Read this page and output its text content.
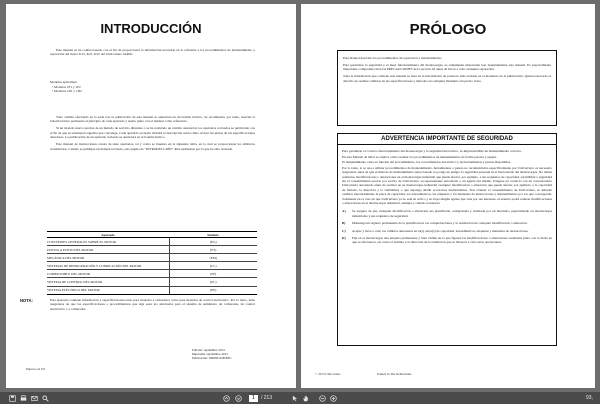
INTRODUCCIÓN

Este manual se ha confeccionado con el fin de proporcionar la información necesaria en lo referente a los procedimientos de mantenimiento y reparación del motor K15, K21, K25 del UniCarriers forklift.

Modelos aplicables:
• Modelos 1F1 y 1F2
• Modelos 1D1 y 1D2

Todo cambio efectuado en la serie tras la publicación de este manual se anunciará en un boletín técnico. Se recomienda, por tanto, insertar el boletín técnico pertinente al principio de cada apartado y usarlo junto con el manual como referencia.

Si un modelo nuevo precisa de un método de servicio diferente o se ha realizado un cambio sustancial, los apartados revisados se publicarán con el fin de que se sustituyan aquellos que convenga. Cada apartado revisado incluirá la descripción sobre cómo revisar las piezas de las especificaciones anteriores. La publicación de un apartado revisado se anunciará en el boletín técnico.

Este manual de instrucciones consta de siete apartados, tal y como se muestra en la siguiente tabla, en la cual se proporcionan los símbolos actualizados. Cuando se publique un manual revisado, esta página de "INTRODUCCIÓN" debe sustituirse por la que ha sido revisada.

Apartado	Símbolo
CUESTIONES GENERALES SOBRE EL MOTOR	(EG)
PUESTA A PUNTO DEL MOTOR	(ET)
MECÁNICA DEL MOTOR	(EM)
SISTEMAS DE REFRIGERACIÓN Y LUBRICACIÓN DEL MOTOR	(LC)
COMBUSTIBLE DEL MOTOR	(EF)
SISTEMA DE CONTROL DEL MOTOR	(EC)
SISTEMA ELÉCTRICO DEL MOTOR	(EE)
NOTA:	Este apartado contiene información y especificaciones tanto para modelos a carburador como para modelos de control electrónico. Por lo tanto, debe asegurarse de que las especificaciones o procedimientos que siga sean los adecuados para el sistema de suministro de carburante, de control electrónico o a carburador.

Edición: septiembre 2013
Impresión: septiembre 2013
Publicación: SM09E-K0NE0U
Impreso en UE
PRÓLOGO

Este manual describe los procedimientos de reparación y mantenimiento.

Para garantizar la seguridad y el buen funcionamiento del montacargas, es sumamente importante leer detenidamente este manual. Es especialmente importante comprender bien las PRECAUCIONES de la sección GI antes de llevar a cabo cualquier reparación.

Toda la información que contiene este manual se basa en la información de producto más reciente en el momento de la publicación. Queda reservado el derecho de realizar cambios en las especificaciones y métodos en cualquier momento sin previo aviso.

ADVERTENCIA IMPORTANTE DE SEGURIDAD

Para garantizar el correcto funcionamiento del montacargas y la seguridad del técnico, es imprescindible un mantenimiento correcto.

En este Manual de taller se explica cómo realizar los procedimientos de mantenimiento de forma precisa y segura.

El mantenimiento varía en función del procedimiento, los conocimientos del técnico y las herramientas y piezas disponibles.

Por lo tanto, si se usa a utilizar procedimientos de mantenimiento, herramientas o piezas no recomendados específicamente por UniCarriers, es necesario asegurarse antes de que el método de mantenimiento seleccionado no ponga en peligro la seguridad personal ni el buen estado del montacargas. No deben realizarse modificaciones o alteraciones en el montacargas industrial que pueda afectar, por ejemplo, a sus requisitos de capacidad, estabilidad o seguridad sin el consentimiento previo por escrito de UniCarriers, su representante autorizado o un agente del mismo. Póngase en contacto con un concesionario UniCarriers autorizado antes de realizar en su montacargas industrial cualquier modificación o alteración que pueda afectar, por ejemplo, a la capacidad de frenado, la dirección y la visibilidad, o que suponga añadir accesorios desmontables. Tras obtener el consentimiento de UniCarriers, se deberán cambiar adecuadamente la placa de capacidad, los autoadhesivos, las etiquetas y los manuales de instrucciones y mantenimiento por los que corresponda. Solamente en el caso de que UniCarriers ya no esté en activo y no haya ningún agente que vele por sus intereses, el usuario podrá realizar modificaciones o alteraciones en el montacargas industrial, siempre y cuando el usuario:

A)	Se asegure de que cualquier modificación o alteración sea planificada, comprobada y realizada por un mecánico especializado en montacargas industriales y sus requisitos de seguridad.
B)	Mantenga un registro permanente de la planificación, las comprobaciones y la realización de cualquier modificación o alteración.
C)	Acepte y lleve a cabo los cambios adecuados en la(s) placa(s) de capacidad, autoadhesivos, etiquetas y manuales de instrucciones.
D)	Fije en el montacargas una etiqueta permanente y bien visible en la que figuren las modificaciones o alteraciones realizadas junto con la fecha en que se efectuaron, así como el nombre y la dirección de la entidad en que se llevaron a cabo estas operaciones.
© 2013 UniCarriers	Printed in The Netherlands
1
/ 213	93,
